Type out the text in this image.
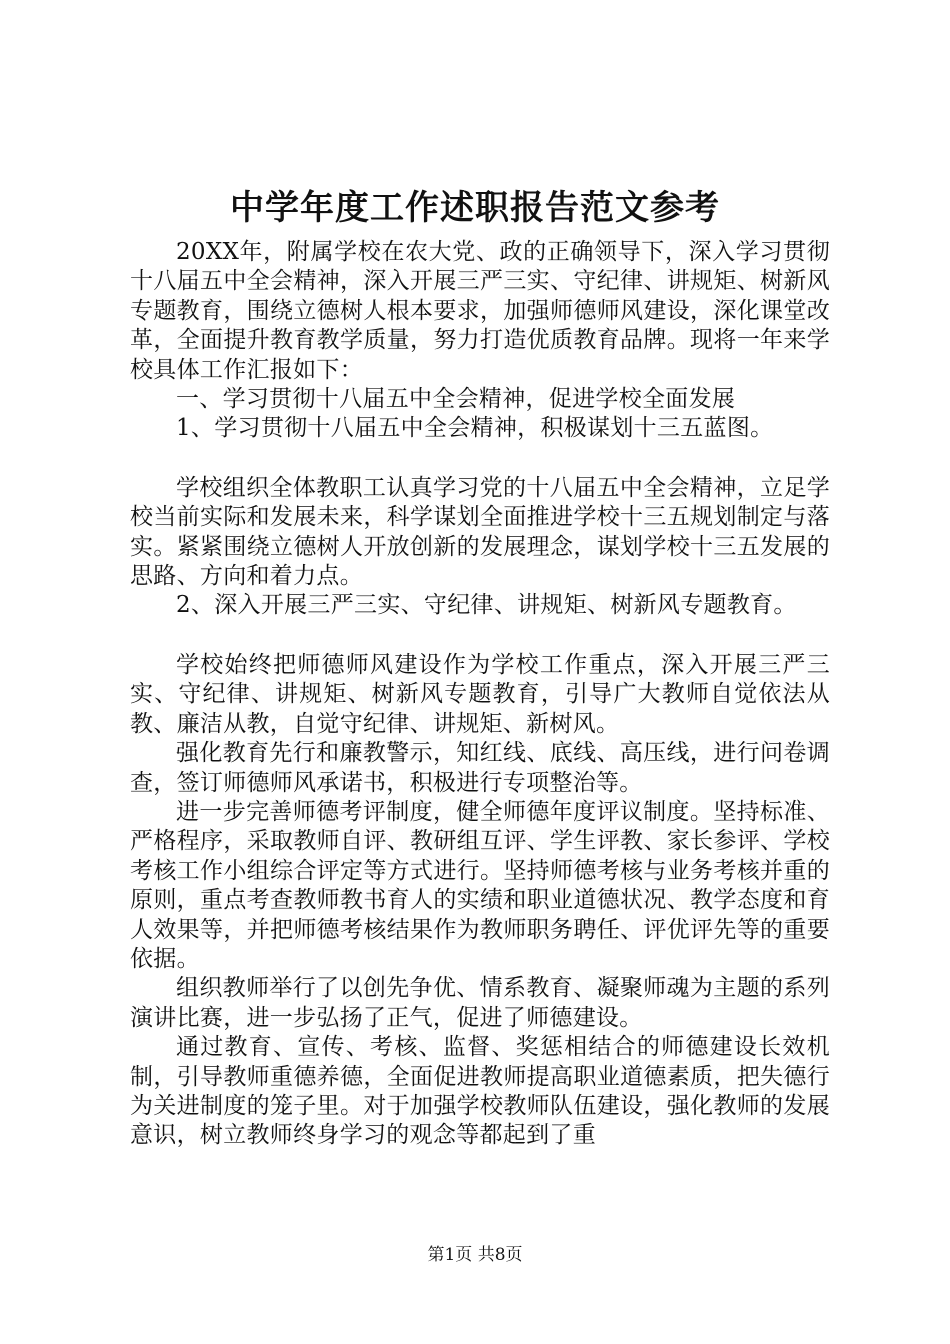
中学年度工作述职报告范文参考

20XX年，附属学校在农大党、政的正确领导下，深入学习贯彻十八届五中全会精神，深入开展三严三实、守纪律、讲规矩、树新风专题教育，围绕立德树人根本要求，加强师德师风建设，深化课堂改革，全面提升教育教学质量，努力打造优质教育品牌。现将一年来学校具体工作汇报如下：

一、学习贯彻十八届五中全会精神，促进学校全面发展

1、学习贯彻十八届五中全会精神，积极谋划十三五蓝图。

学校组织全体教职工认真学习党的十八届五中全会精神，立足学校当前实际和发展未来，科学谋划全面推进学校十三五规划制定与落实。紧紧围绕立德树人开放创新的发展理念，谋划学校十三五发展的思路、方向和着力点。

2、深入开展三严三实、守纪律、讲规矩、树新风专题教育。

学校始终把师德师风建设作为学校工作重点，深入开展三严三实、守纪律、讲规矩、树新风专题教育，引导广大教师自觉依法从教、廉洁从教，自觉守纪律、讲规矩、新树风。

强化教育先行和廉教警示，知红线、底线、高压线，进行问卷调查，签订师德师风承诺书，积极进行专项整治等。

进一步完善师德考评制度，健全师德年度评议制度。坚持标准、严格程序，采取教师自评、教研组互评、学生评教、家长参评、学校考核工作小组综合评定等方式进行。坚持师德考核与业务考核并重的原则，重点考查教师教书育人的实绩和职业道德状况、教学态度和育人效果等，并把师德考核结果作为教师职务聘任、评优评先等的重要依据。

组织教师举行了以创先争优、情系教育、凝聚师魂为主题的系列演讲比赛，进一步弘扬了正气，促进了师德建设。

通过教育、宣传、考核、监督、奖惩相结合的师德建设长效机制，引导教师重德养德，全面促进教师提高职业道德素质，把失德行为关进制度的笼子里。对于加强学校教师队伍建设，强化教师的发展意识，树立教师终身学习的观念等都起到了重

第1页 共8页
